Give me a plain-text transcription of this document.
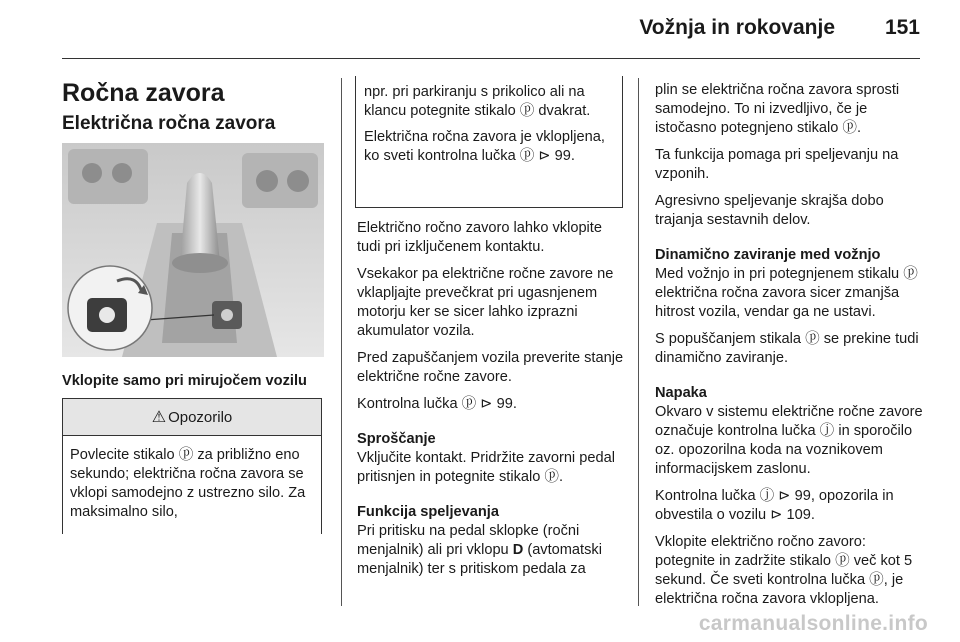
Vožnja in rokovanje 151
Ročna zavora
Električna ročna zavora
Vklopite samo pri mirujočem vozilu
⚠ Opozorilo
Povlecite stikalo ⓟ za približno eno sekundo; električna ročna zavora se vklopi samodejno z ustrezno silo. Za maksimalno silo,

npr. pri parkiranju s prikolico ali na klancu potegnite stikalo ⓟ dvakrat.

Električna ročna zavora je vklopljena, ko sveti kontrolna lučka ⓟ ⊳ 99.

Električno ročno zavoro lahko vklopite tudi pri izključenem kontaktu.

Vsekakor pa električne ročne zavore ne vklapljajte prevečkrat pri ugasnjenem motorju ker se sicer lahko izprazni akumulator vozila.

Pred zapuščanjem vozila preverite stanje električne ročne zavore.

Kontrolna lučka ⓟ ⊳ 99.

Sproščanje

Vključite kontakt. Pridržite zavorni pedal pritisnjen in potegnite stikalo ⓟ.

Funkcija speljevanja

Pri pritisku na pedal sklopke (ročni menjalnik) ali pri vklopu D (avtomatski menjalnik) ter s pritiskom pedala za

plin se električna ročna zavora sprosti samodejno. To ni izvedljivo, če je istočasno potegnjeno stikalo ⓟ.

Ta funkcija pomaga pri speljevanju na vzponih.

Agresivno speljevanje skrajša dobo trajanja sestavnih delov.

Dinamično zaviranje med vožnjo

Med vožnjo in pri potegnjenem stikalu ⓟ električna ročna zavora sicer zmanjša hitrost vozila, vendar ga ne ustavi.

S popuščanjem stikala ⓟ se prekine tudi dinamično zaviranje.

Napaka

Okvaro v sistemu električne ročne zavore označuje kontrolna lučka ⓙ in sporočilo oz. opozorilna koda na voznikovem informacijskem zaslonu.

Kontrolna lučka ⓙ ⊳ 99, opozorila in obvestila o vozilu ⊳ 109.

Vklopite električno ročno zavoro: potegnite in zadržite stikalo ⓟ več kot 5 sekund. Če sveti kontrolna lučka ⓟ, je električna ročna zavora vklopljena.

carmanualsonline.info
